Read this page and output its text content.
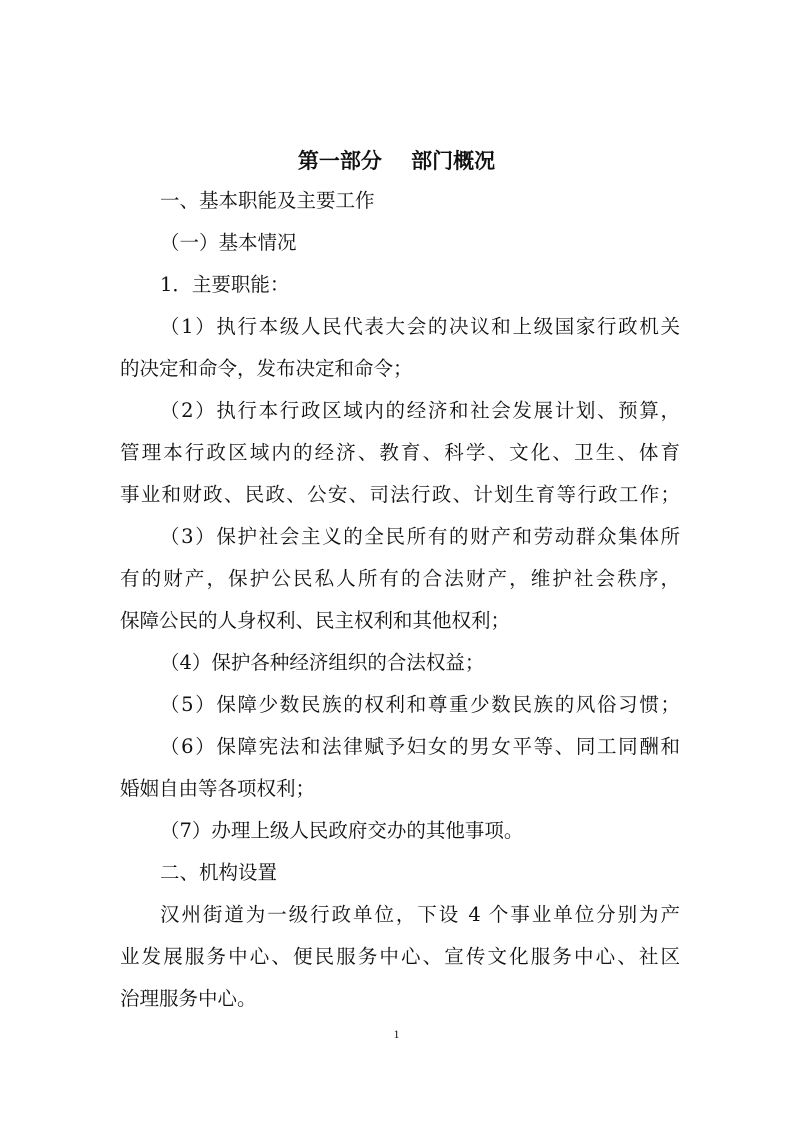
第一部分    部门概况

一、基本职能及主要工作

（一）基本情况

1．主要职能：

（1）执行本级人民代表大会的决议和上级国家行政机关

的决定和命令，发布决定和命令；

（2）执行本行政区域内的经济和社会发展计划、预算，

管理本行政区域内的经济、教育、科学、文化、卫生、体育

事业和财政、民政、公安、司法行政、计划生育等行政工作；

（3）保护社会主义的全民所有的财产和劳动群众集体所

有的财产，保护公民私人所有的合法财产，维护社会秩序，

保障公民的人身权利、民主权利和其他权利；

（4）保护各种经济组织的合法权益；

（5）保障少数民族的权利和尊重少数民族的风俗习惯；

（6）保障宪法和法律赋予妇女的男女平等、同工同酬和

婚姻自由等各项权利；

（7）办理上级人民政府交办的其他事项。

二、机构设置

汉州街道为一级行政单位，下设 4 个事业单位分别为产

业发展服务中心、便民服务中心、宣传文化服务中心、社区

治理服务中心。

1
